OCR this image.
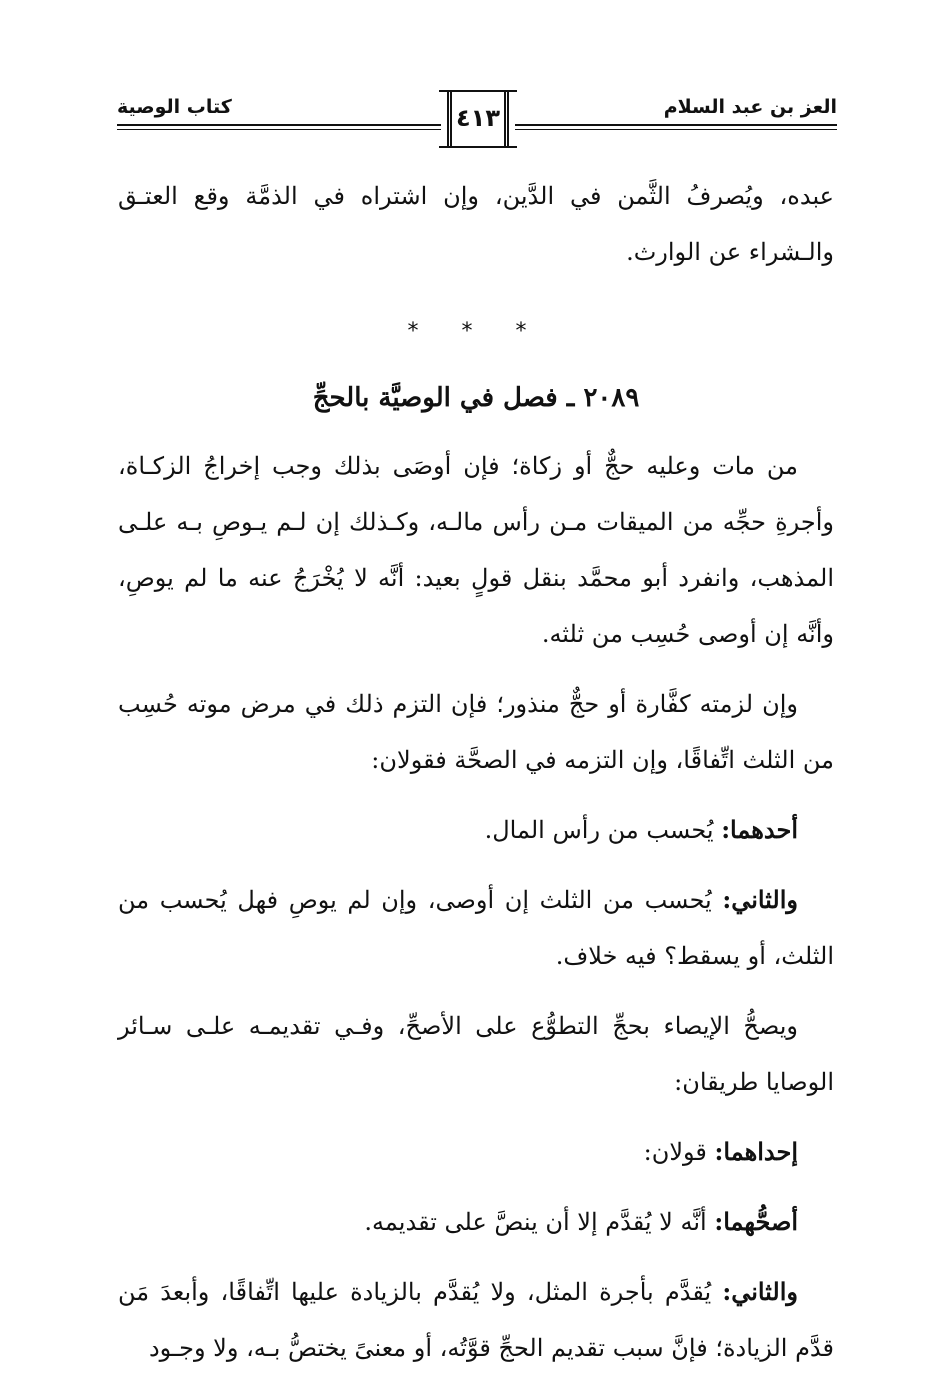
العز بن عبد السلام
كتاب الوصية	٤١٣

عبده، ويُصرفُ الثَّمن في الدَّين، وإن اشتراه في الذمَّة وقع العتـق والـشراء عن الوارث.

* * *
٢٠٨٩ ـ فصل في الوصيَّة بالحجِّ

من مات وعليه حجٌّ أو زكاة؛ فإن أوصَى بذلك وجب إخراجُ الزكـاة، وأجرةِ حجِّه من الميقات مـن رأس مالـه، وكـذلك إن لـم يـوصِ بـه علـى المذهب، وانفرد أبو محمَّد بنقل قولٍ بعيد: أنَّه لا يُخْرَجُ عنه ما لم يوصِ، وأنَّه إن أوصى حُسِب من ثلثه.

وإن لزمته كفَّارة أو حجٌّ منذور؛ فإن التزم ذلك في مرض موته حُسِب من الثلث اتِّفاقًا، وإن التزمه في الصحَّة فقولان:

أحدهما: يُحسب من رأس المال.

والثاني: يُحسب من الثلث إن أوصى، وإن لم يوصِ فهل يُحسب من الثلث، أو يسقط؟ فيه خلاف.

ويصحُّ الإيصاء بحجِّ التطوُّع على الأصحِّ، وفـي تقديمـه علـى سـائر الوصايا طريقان:

إحداهما: قولان:

أصحُّهما: أنَّه لا يُقدَّم إلا أن ينصَّ على تقديمه.

والثاني: يُقدَّم بأجرة المثل، ولا يُقدَّم بالزيادة عليها اتِّفاقًا، وأبعدَ مَن قدَّم الزيادة؛ فإنَّ سبب تقديم الحجِّ قوَّتُه، أو معنىً يختصُّ بـه، ولا وجـود
